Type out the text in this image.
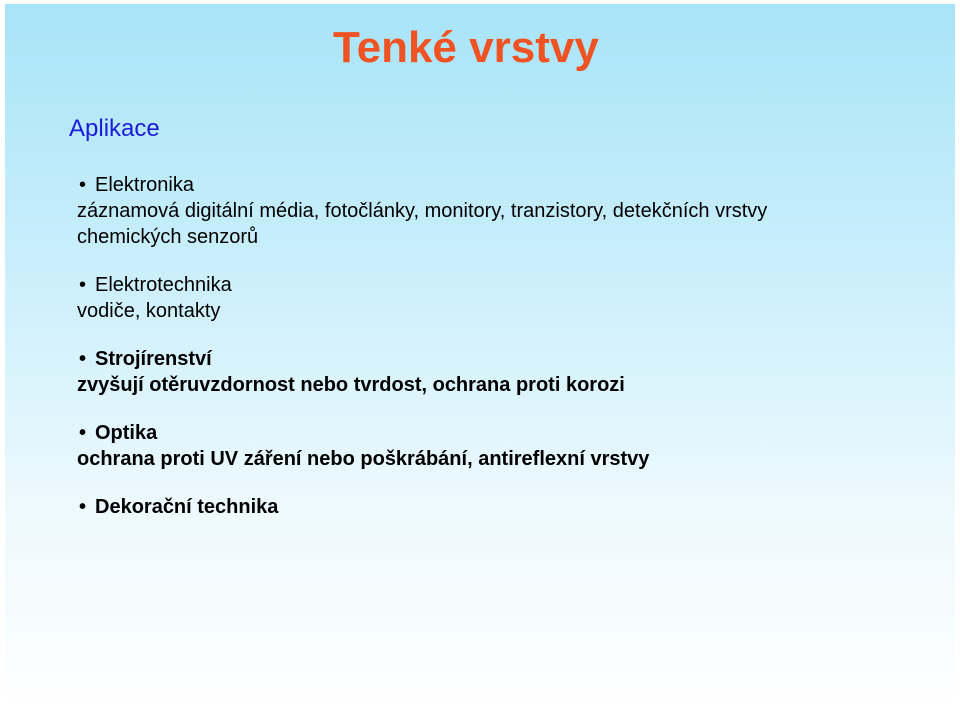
Tenké vrstvy
Aplikace
• Elektronika
záznamová digitální média, fotočlánky, monitory, tranzistory, detekčních vrstvy
chemických senzorů
• Elektrotechnika
vodiče, kontakty
• Strojírenství
zvyšují otěruvzdornost nebo tvrdost, ochrana proti korozi
• Optika
ochrana proti UV záření nebo poškrábání, antireflexní vrstvy
• Dekorační technika
